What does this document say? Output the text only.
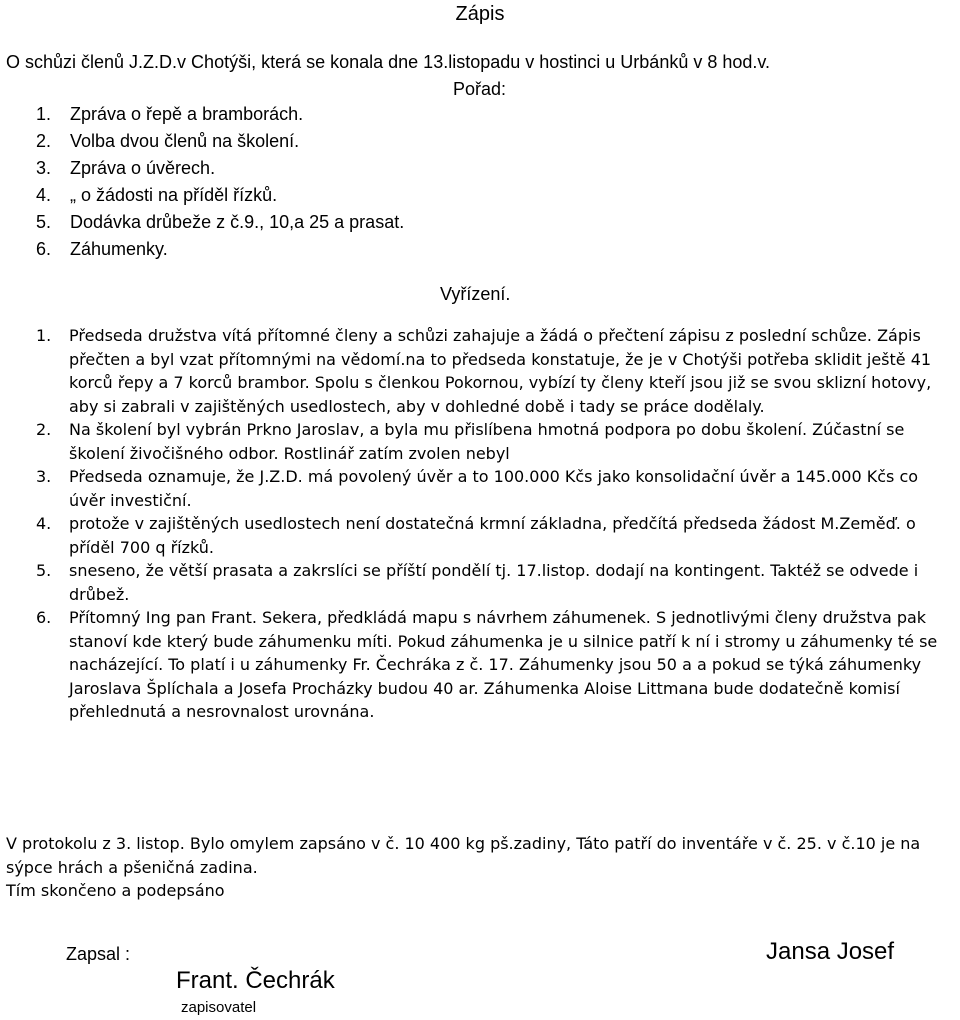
Zápis
O schůzi členů J.Z.D.v Chotýši, která se konala dne 13.listopadu v hostinci u Urbánků v 8 hod.v.
Pořad:
1. Zpráva o řepě a bramborách.
2. Volba dvou členů na školení.
3. Zpráva o úvěrech.
4. „ o žádosti na příděl řízků.
5. Dodávka drůbeže z č.9., 10,a 25 a prasat.
6. Záhumenky.
Vyřízení.
1. Předseda družstva vítá přítomné členy a schůzi zahajuje a žádá o přečtení zápisu z poslední schůze. Zápis přečten a byl vzat přítomnými na vědomí.na to předseda konstatuje, že je v Chotýši potřeba sklidit ještě 41 korců řepy a 7 korců brambor. Spolu s členkou Pokornou, vybízí ty členy kteří jsou již se svou sklizní hotovy, aby si zabrali v zajištěných usedlostech, aby v dohledné době i tady se práce dodělaly.
2. Na školení byl vybrán Prkno Jaroslav, a byla mu přislíbena hmotná podpora po dobu školení. Zúčastní se školení živočišného odbor. Rostlinář zatím zvolen nebyl
3. Předseda oznamuje, že J.Z.D. má povolený úvěr a to 100.000 Kčs jako konsolidační úvěr a 145.000 Kčs co úvěr investiční.
4. protože v zajištěných usedlostech není dostatečná krmní základna, předčítá předseda žádost M.Zeměď. o příděl 700 q řízků.
5. sneseno, že větší prasata a zakrslíci se příští pondělí tj. 17.listop. dodají na kontingent. Taktéž se odvede i drůbež.
6. Přítomný Ing pan Frant. Sekera, předkládá mapu s návrhem záhumenek. S jednotlivými členy družstva pak stanoví kde který bude záhumenku míti. Pokud záhumenka je u silnice patří k ní i stromy u záhumenky té se nacházející. To platí i u záhumenky Fr. Čechráka z č. 17. Záhumenky jsou 50 a a pokud se týká záhumenky Jaroslava Šplíchala a Josefa Procházky budou 40 ar. Záhumenka Aloise Littmana bude dodatečně komisí přehlednutá a nesrovnalost urovnána.

V protokolu z 3. listop. Bylo omylem zapsáno v č. 10 400 kg pš.zadiny, Táto patří do inventáře v č. 25. v č.10 je na sýpce hrách a pšeničná zadina.

Tím skončeno a podepsáno

Zapsal :	Jansa Josef
Frant. Čechrák
zapisovatel
